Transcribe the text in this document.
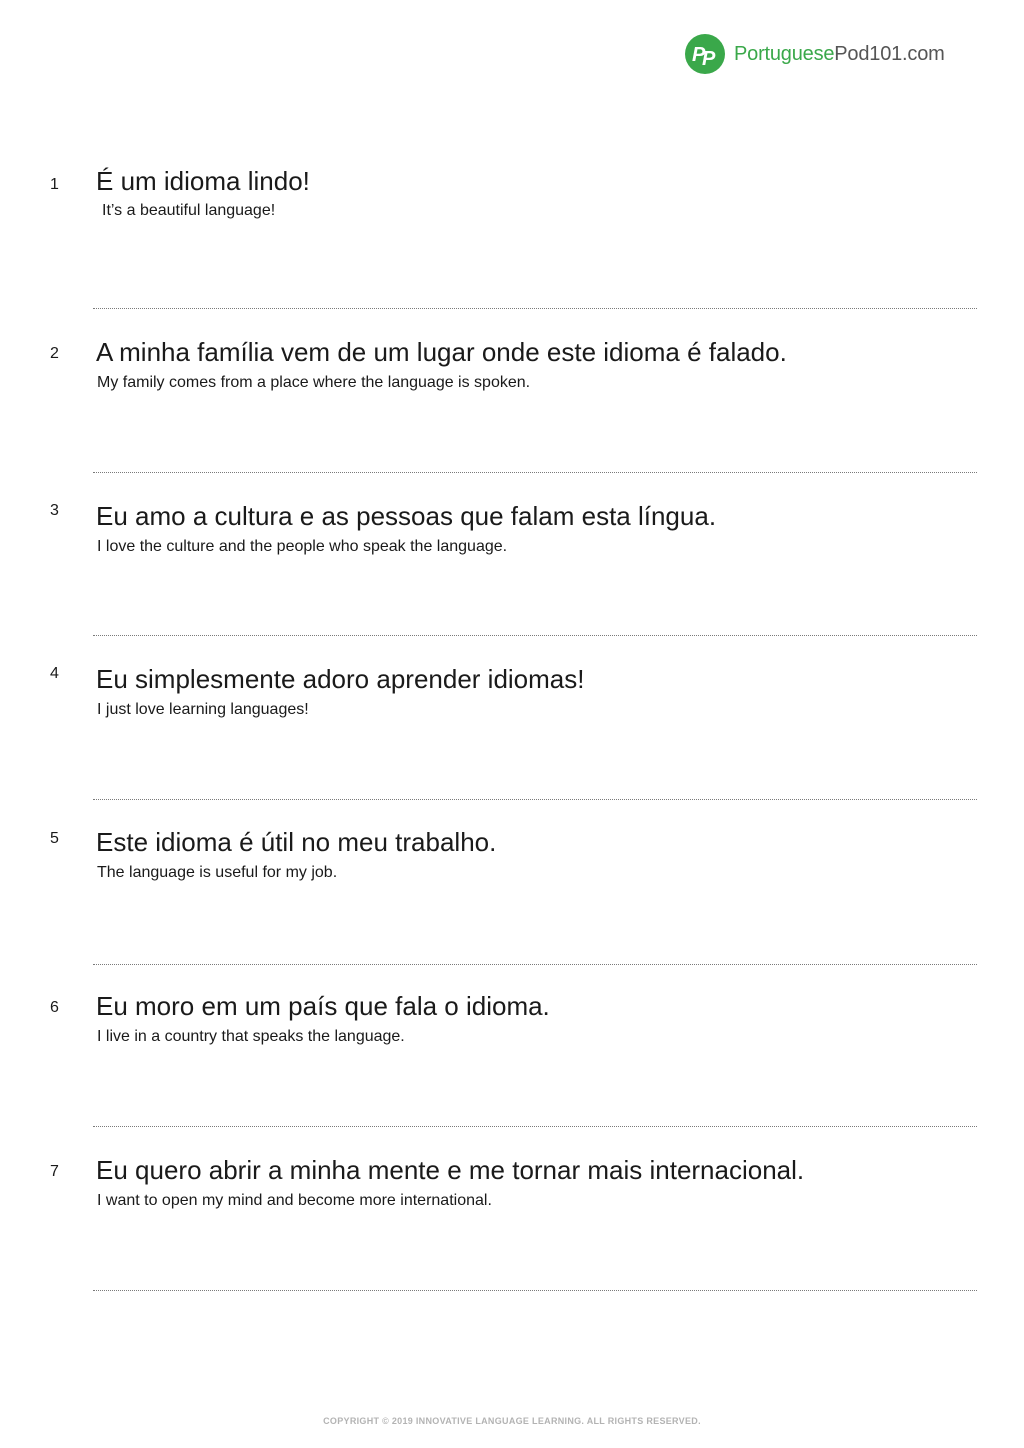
P
P PortuguesePod101.com
1 É um idioma lindo!
It’s a beautiful language!
2 A minha família vem de um lugar onde este idioma é falado.
My family comes from a place where the language is spoken.
3 Eu amo a cultura e as pessoas que falam esta língua.
I love the culture and the people who speak the language.
4 Eu simplesmente adoro aprender idiomas!
I just love learning languages!
5 Este idioma é útil no meu trabalho.
The language is useful for my job.
6 Eu moro em um país que fala o idioma.
I live in a country that speaks the language.
7 Eu quero abrir a minha mente e me tornar mais internacional.
I want to open my mind and become more international.
COPYRIGHT © 2019 INNOVATIVE LANGUAGE LEARNING. ALL RIGHTS RESERVED.
